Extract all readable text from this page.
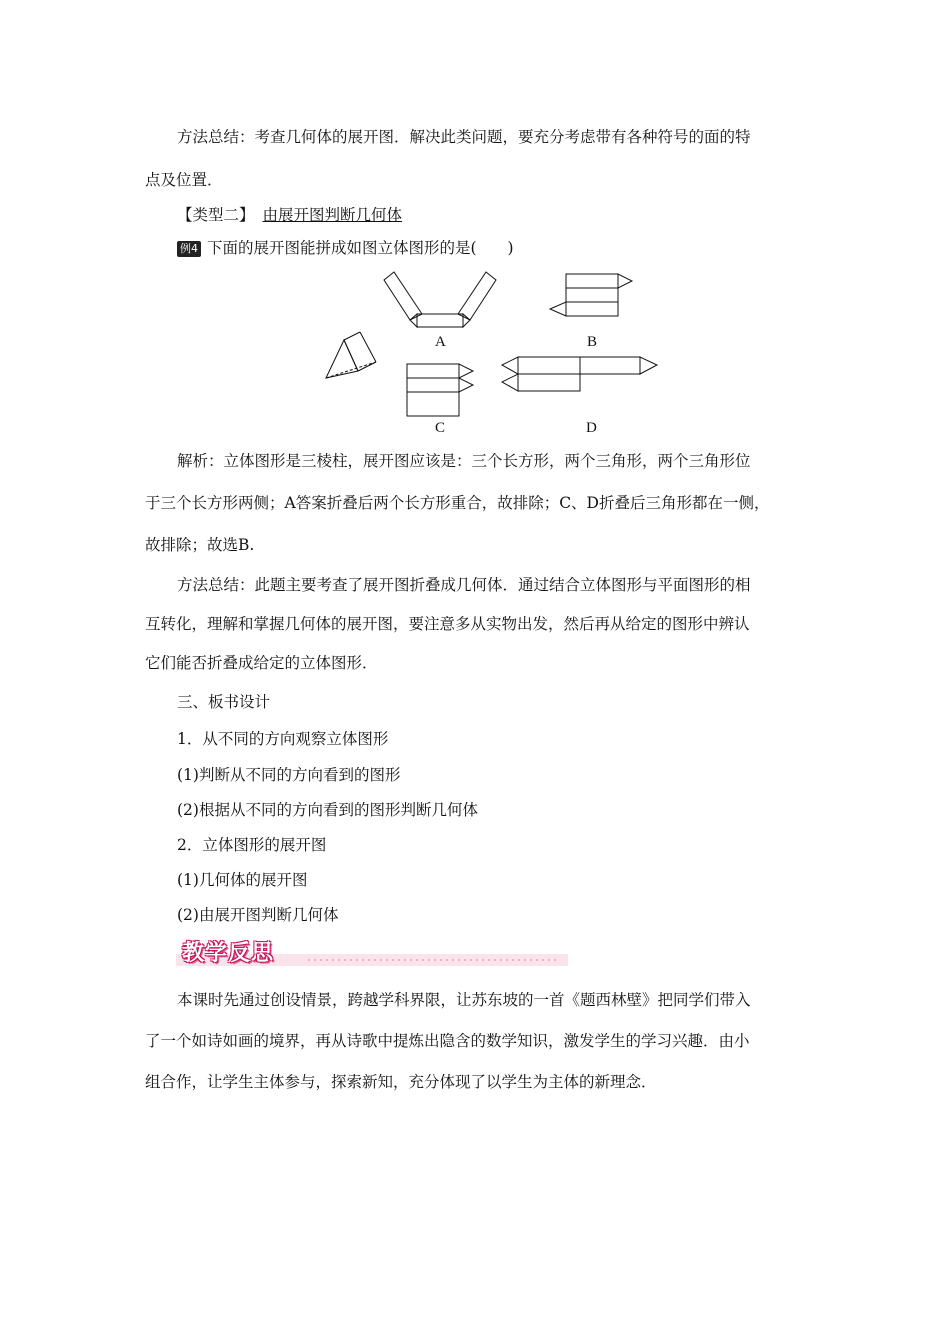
方法总结：考查几何体的展开图．解决此类问题，要充分考虑带有各种符号的面的特
点及位置．
【类型二】 由展开图判断几何体
例4 下面的展开图能拼成如图立体图形的是(　　)
A	B
C	D
解析：立体图形是三棱柱，展开图应该是：三个长方形，两个三角形，两个三角形位
于三个长方形两侧；A答案折叠后两个长方形重合，故排除；C、D折叠后三角形都在一侧，
故排除；故选B.
方法总结：此题主要考查了展开图折叠成几何体．通过结合立体图形与平面图形的相
互转化，理解和掌握几何体的展开图，要注意多从实物出发，然后再从给定的图形中辨认
它们能否折叠成给定的立体图形．
三、板书设计
1．从不同的方向观察立体图形
(1)判断从不同的方向看到的图形
(2)根据从不同的方向看到的图形判断几何体
2．立体图形的展开图
(1)几何体的展开图
(2)由展开图判断几何体
教学反思
本课时先通过创设情景，跨越学科界限，让苏东坡的一首《题西林壁》把同学们带入
了一个如诗如画的境界，再从诗歌中提炼出隐含的数学知识，激发学生的学习兴趣．由小
组合作，让学生主体参与，探索新知，充分体现了以学生为主体的新理念．
